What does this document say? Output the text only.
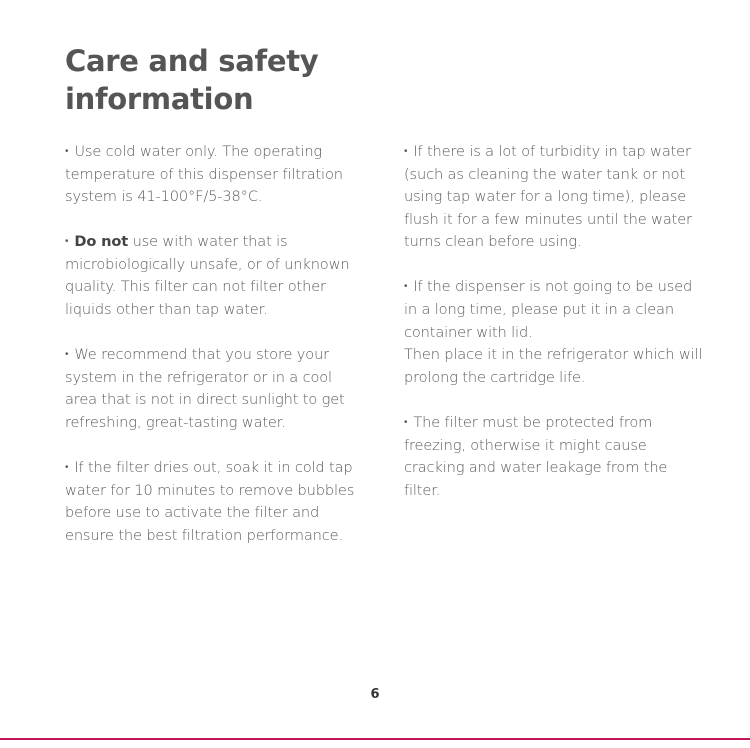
Care and safety
information

• Use cold water only. The operating temperature of this dispenser filtration system is 41-100°F/5-38°C.

• Do not use with water that is microbiologically unsafe, or of unknown quality. This filter can not filter other liquids other than tap water.

• We recommend that you store your system in the refrigerator or in a cool area that is not in direct sunlight to get refreshing, great-tasting water.

• If the filter dries out, soak it in cold tap water for 10 minutes to remove bubbles before use to activate the filter and ensure the best filtration performance.

• If there is a lot of turbidity in tap water (such as cleaning the water tank or not using tap water for a long time), please flush it for a few minutes until the water turns clean before using.

• If the dispenser is not going to be used in a long time, please put it in a clean container with lid.
Then place it in the refrigerator which will prolong the cartridge life.

• The filter must be protected from freezing, otherwise it might cause cracking and water leakage from the filter.

6
